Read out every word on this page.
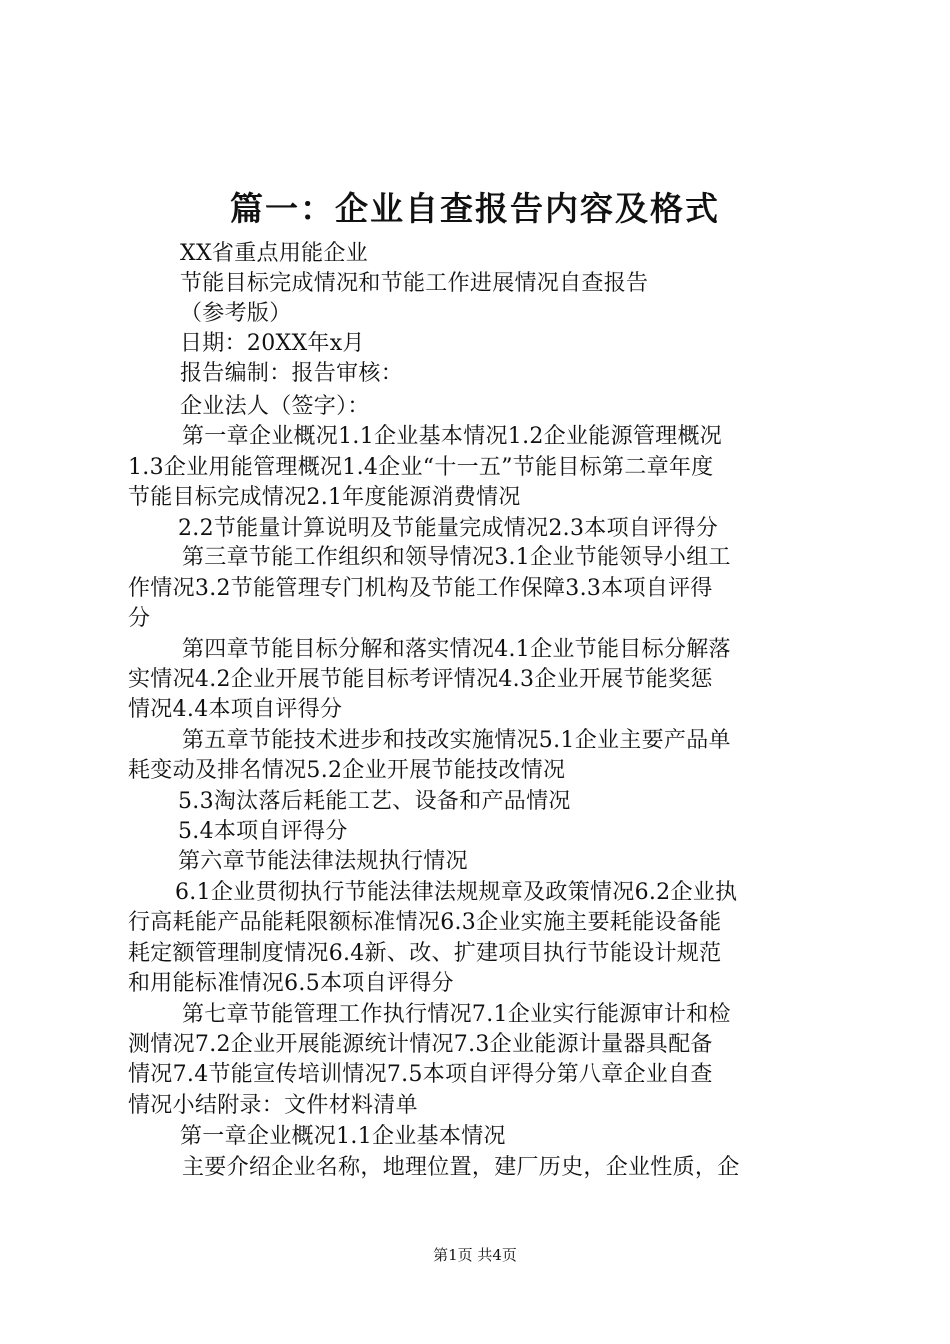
篇一：企业自查报告内容及格式
XX省重点用能企业
节能目标完成情况和节能工作进展情况自查报告
（参考版）
日期：20XX年x月
报告编制：报告审核：
企业法人（签字）：
第一章企业概况1.1企业基本情况1.2企业能源管理概况
1.3企业用能管理概况1.4企业“十一五”节能目标第二章年度
节能目标完成情况2.1年度能源消费情况
2.2节能量计算说明及节能量完成情况2.3本项自评得分
第三章节能工作组织和领导情况3.1企业节能领导小组工
作情况3.2节能管理专门机构及节能工作保障3.3本项自评得
分
第四章节能目标分解和落实情况4.1企业节能目标分解落
实情况4.2企业开展节能目标考评情况4.3企业开展节能奖惩
情况4.4本项自评得分
第五章节能技术进步和技改实施情况5.1企业主要产品单
耗变动及排名情况5.2企业开展节能技改情况
5.3淘汰落后耗能工艺、设备和产品情况
5.4本项自评得分
第六章节能法律法规执行情况
6.1企业贯彻执行节能法律法规规章及政策情况6.2企业执
行高耗能产品能耗限额标准情况6.3企业实施主要耗能设备能
耗定额管理制度情况6.4新、改、扩建项目执行节能设计规范
和用能标准情况6.5本项自评得分
第七章节能管理工作执行情况7.1企业实行能源审计和检
测情况7.2企业开展能源统计情况7.3企业能源计量器具配备
情况7.4节能宣传培训情况7.5本项自评得分第八章企业自查
情况小结附录：文件材料清单
第一章企业概况1.1企业基本情况
主要介绍企业名称，地理位置，建厂历史，企业性质，企
第1页 共4页
